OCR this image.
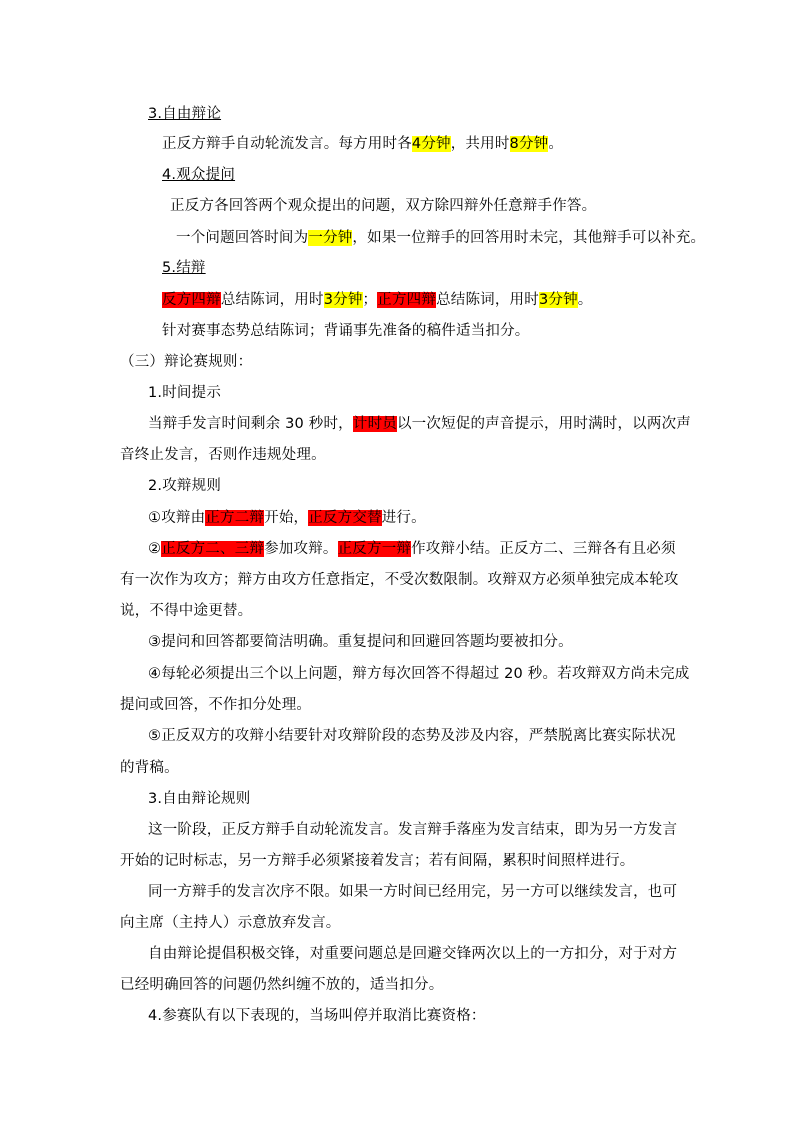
3.自由辩论
正反方辩手自动轮流发言。每方用时各4分钟，共用时8分钟。
4.观众提问
正反方各回答两个观众提出的问题，双方除四辩外任意辩手作答。
一个问题回答时间为一分钟，如果一位辩手的回答用时未完，其他辩手可以补充。
5.结辩
反方四辩总结陈词，用时3分钟；正方四辩总结陈词，用时3分钟。
针对赛事态势总结陈词；背诵事先准备的稿件适当扣分。
（三）辩论赛规则：
1.时间提示
当辩手发言时间剩余 30 秒时，计时员以一次短促的声音提示，用时满时，以两次声
音终止发言，否则作违规处理。
2.攻辩规则
①攻辩由正方二辩开始，正反方交替进行。
②正反方二、三辩参加攻辩。正反方一辩作攻辩小结。正反方二、三辩各有且必须
有一次作为攻方；辩方由攻方任意指定，不受次数限制。攻辩双方必须单独完成本轮攻
说，不得中途更替。
③提问和回答都要简洁明确。重复提问和回避回答题均要被扣分。
④每轮必须提出三个以上问题，辩方每次回答不得超过 20 秒。若攻辩双方尚未完成
提问或回答，不作扣分处理。
⑤正反双方的攻辩小结要针对攻辩阶段的态势及涉及内容，严禁脱离比赛实际状况
的背稿。
3.自由辩论规则
这一阶段，正反方辩手自动轮流发言。发言辩手落座为发言结束，即为另一方发言
开始的记时标志，另一方辩手必须紧接着发言；若有间隔，累积时间照样进行。
同一方辩手的发言次序不限。如果一方时间已经用完，另一方可以继续发言，也可
向主席（主持人）示意放弃发言。
自由辩论提倡积极交锋，对重要问题总是回避交锋两次以上的一方扣分，对于对方
已经明确回答的问题仍然纠缠不放的，适当扣分。
4.参赛队有以下表现的，当场叫停并取消比赛资格：
